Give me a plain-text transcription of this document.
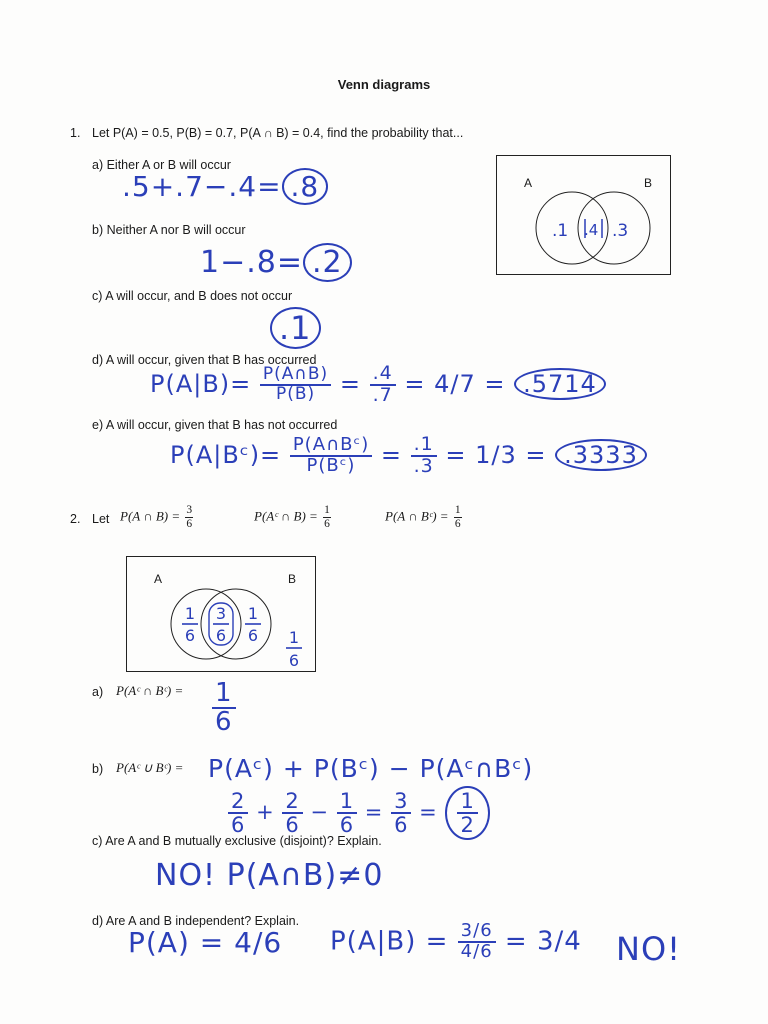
Venn diagrams
1. Let P(A) = 0.5, P(B) = 0.7, P(A ∩ B) = 0.4, find the probability that...
A	B
.1 .4 .3
a) Either A or B will occur
.5+.7−.4= .8
b) Neither A nor B will occur
1−.8= .2
c) A will occur, and B does not occur
.1
d) A will occur, given that B has occurred
$P(A|B)= \frac{P(A\cap B)}{P(B)} = \frac{.4}{.7} = 4/7 = .5714$
e) A will occur, given that B has not occurred
P(A|Bᶜ)= $\frac{\text{P(A∩Bᶜ)}}{\text{P(Bᶜ)}} = \frac{.1}{.3} = 1/3 = .3333$
2. Let P(A ∩ $B) = \frac{3}{6}$	P(Aᶜ ∩ $B) = \frac{1}{6}$	P(A ∩ Bᶜ) = $\frac{1}{6}$
A	B
1
6
3
6
1
6 1
6
a) P(Aᶜ ∩ Bᶜ) = $\frac{1}{6}$
b) P(Aᶜ ∪ Bᶜ) = P(Aᶜ) + P(Bᶜ) − P(Aᶜ∩Bᶜ)
$\frac{2}{6} + \frac{2}{6} - \frac{1}{6} = \frac{3}{6} = \frac{1}{2}$
c) Are A and B mutually exclusive (disjoint)? Explain.
NO! P(A∩B)≠0
d) Are A and B independent? Explain.
P(A) = 4/6 $P(A|B) = \frac{3/6}{4/6} = 3/4$ NO!
